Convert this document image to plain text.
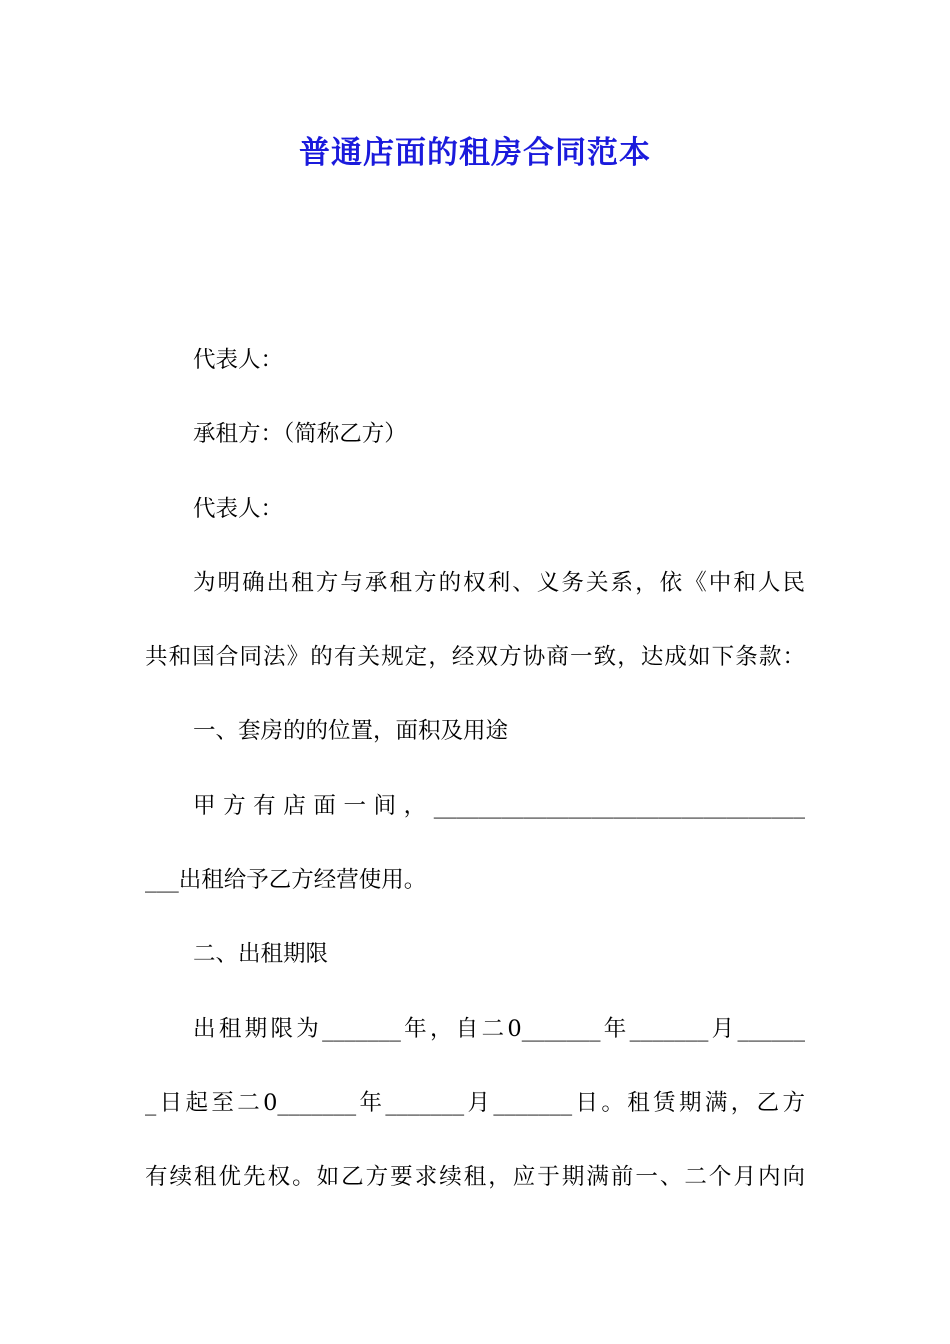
普通店面的租房合同范本
代表人：
承租方：（简称乙方）
代表人：
为明确出租方与承租方的权利、义务关系，依《中和人民
共和国合同法》的有关规定，经双方协商一致，达成如下条款：
一、套房的的位置，面积及用途
甲方有店面一间，_________________________________
___出租给予乙方经营使用。
二、出租期限
出租期限为_______年，自二0_______年_______月______
_日起至二0_______年_______月_______日。租赁期满，乙方
有续租优先权。如乙方要求续租，应于期满前一、二个月内向
